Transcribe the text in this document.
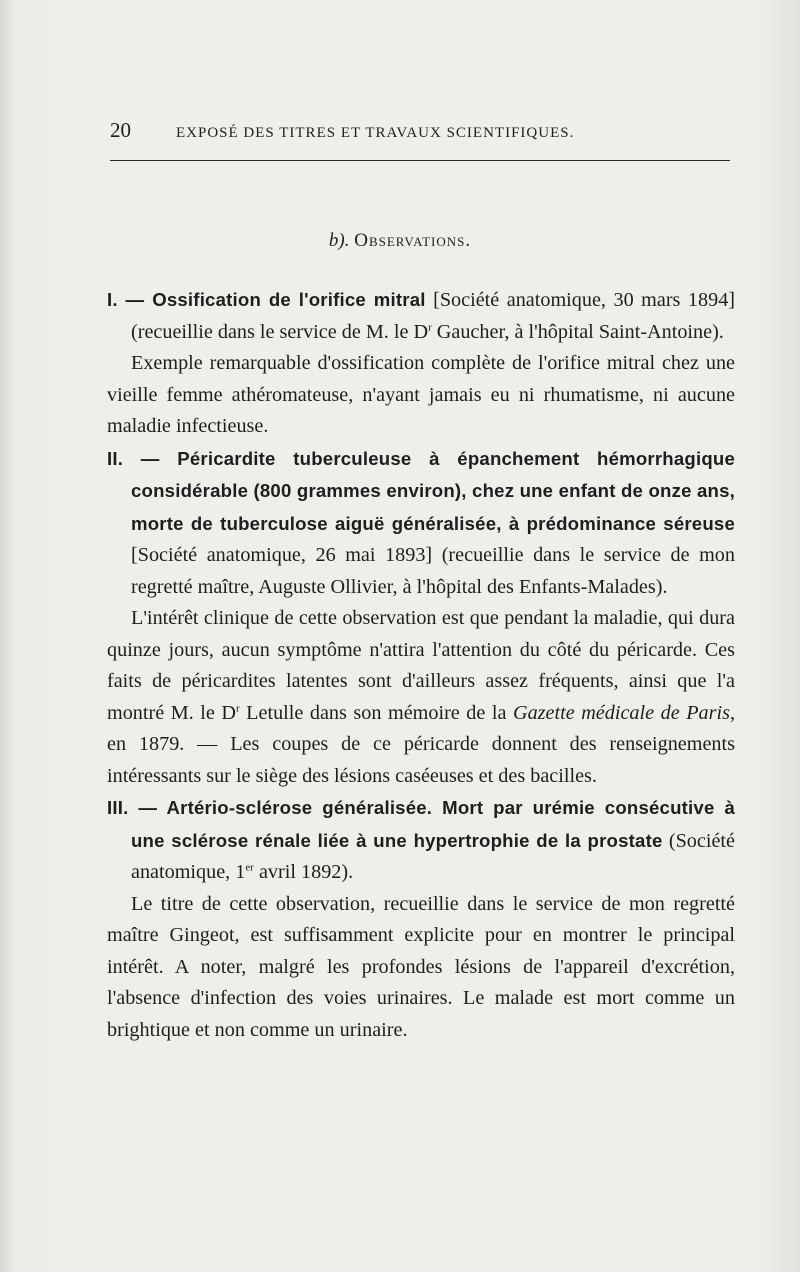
20	EXPOSÉ DES TITRES ET TRAVAUX SCIENTIFIQUES.
b). Observations.

I. — Ossification de l'orifice mitral [Société anatomique, 30 mars 1894] (recueillie dans le service de M. le $D^r$ Gaucher, à l'hôpital Saint-Antoine).

Exemple remarquable d'ossification complète de l'orifice mitral chez une vieille femme athéromateuse, n'ayant jamais eu ni rhumatisme, ni aucune maladie infectieuse.

II. — Péricardite tuberculeuse à épanchement hémorrhagique considérable (800 grammes environ), chez une enfant de onze ans, morte de tuberculose aiguë généralisée, à prédominance séreuse [Société anatomique, 26 mai 1893] (recueillie dans le service de mon regretté maître, Auguste Ollivier, à l'hôpital des Enfants-Malades).

L'intérêt clinique de cette observation est que pendant la maladie, qui dura quinze jours, aucun symptôme n'attira l'attention du côté du péricarde. Ces faits de péricardites latentes sont d'ailleurs assez fréquents, ainsi que l'a montré M. le $D^r$ Letulle dans son mémoire de la Gazette médicale de Paris, en 1879. — Les coupes de ce péricarde donnent des renseignements intéressants sur le siège des lésions caséeuses et des bacilles.

III. — Artério-sclérose généralisée. Mort par urémie consécutive à une sclérose rénale liée à une hypertrophie de la prostate (Société anatomique, 1er avril 1892).

Le titre de cette observation, recueillie dans le service de mon regretté maître Gingeot, est suffisamment explicite pour en montrer le principal intérêt. A noter, malgré les profondes lésions de l'appareil d'excrétion, l'absence d'infection des voies urinaires. Le malade est mort comme un brightique et non comme un urinaire.
